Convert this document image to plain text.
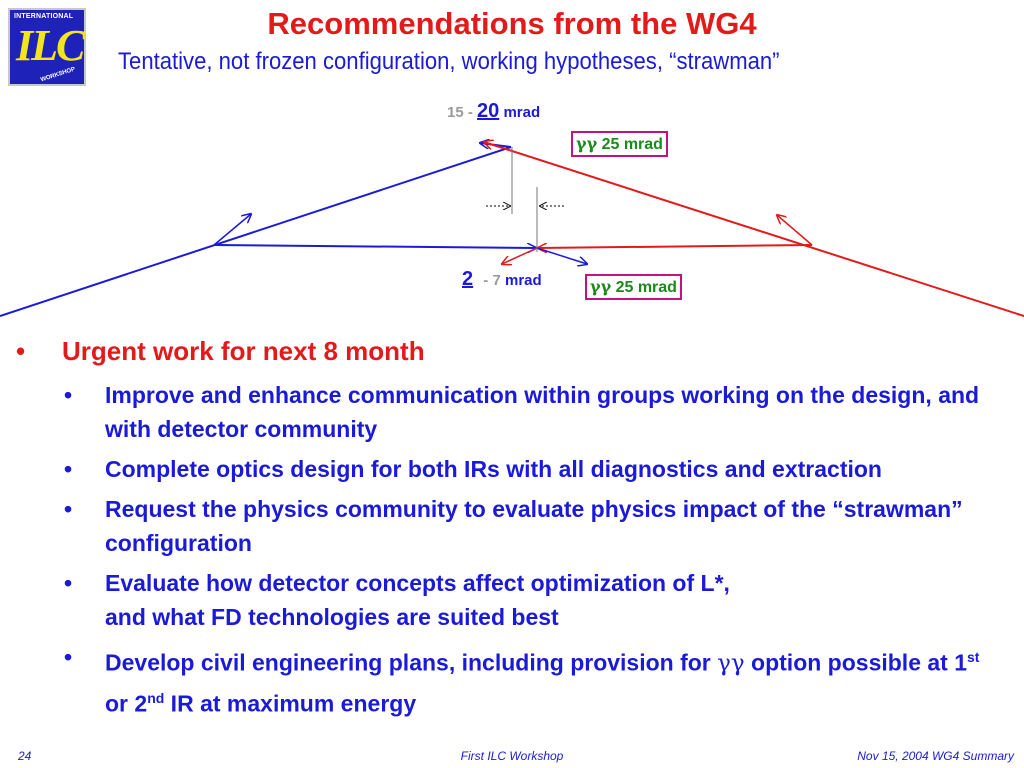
INTERNATIONAL
ILC
WORKSHOP
Recommendations from the WG4
Tentative, not frozen configuration, working hypotheses, “strawman”
15 - 20 mrad
γγ 25 mrad
2 - 7 mrad	γγ 25 mrad
• Urgent work for next 8 month
• Improve and enhance communication within groups working on the design, and with detector community
• Complete optics design for both IRs with all diagnostics and extraction
• Request the physics community to evaluate physics impact of the “strawman” configuration
• Evaluate how detector concepts affect optimization of L*,
and what FD technologies are suited best
• Develop civil engineering plans, including provision for γγ option possible at 1st or 2nd IR at maximum energy
24	First ILC Workshop	Nov 15, 2004 WG4 Summary
